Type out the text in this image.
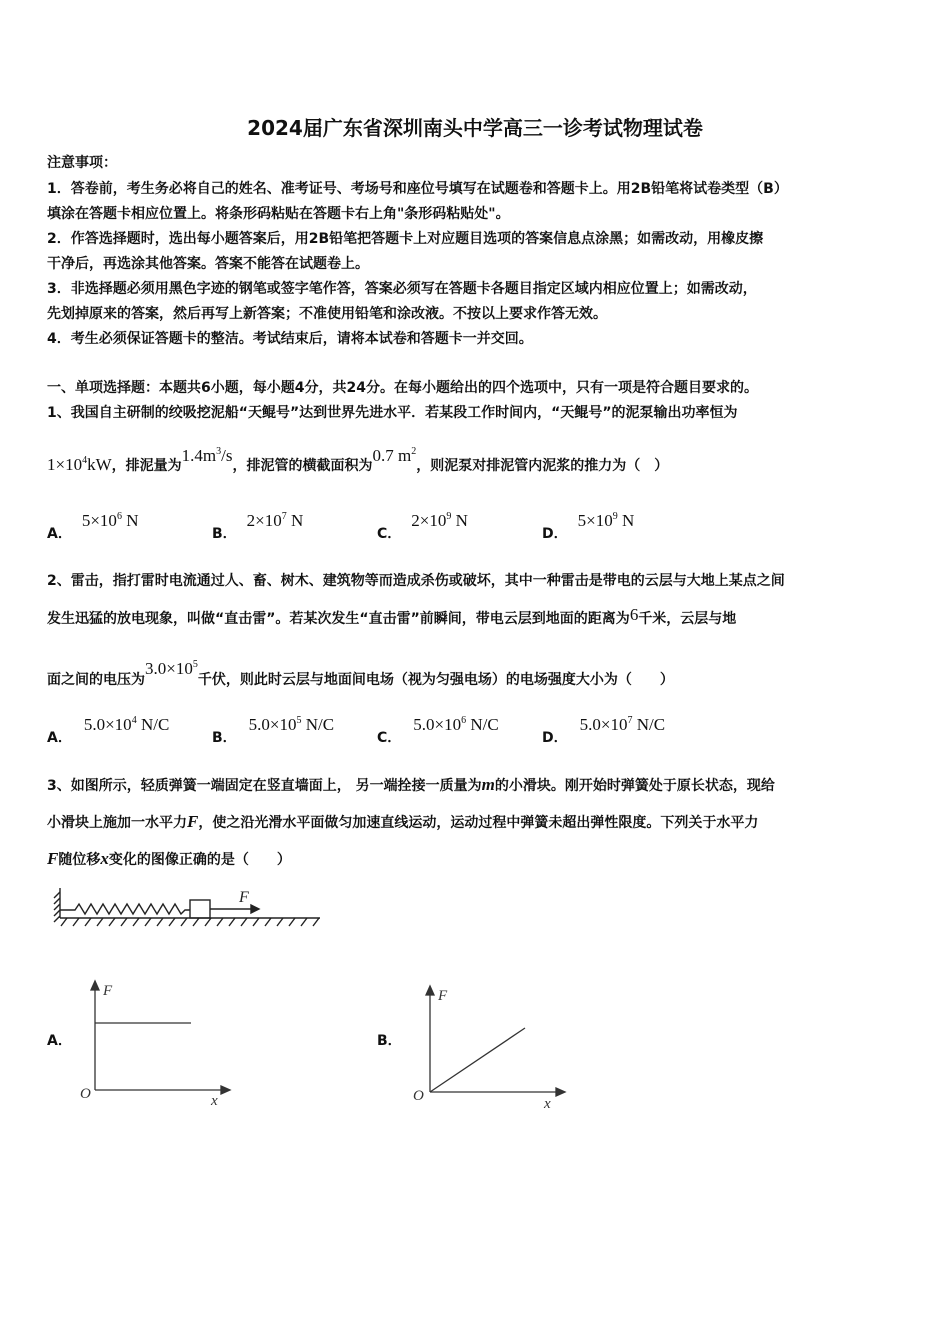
2024届广东省深圳南头中学高三一诊考试物理试卷
注意事项：
1．答卷前，考生务必将自己的姓名、准考证号、考场号和座位号填写在试题卷和答题卡上。用2B铅笔将试卷类型（B）
填涂在答题卡相应位置上。将条形码粘贴在答题卡右上角"条形码粘贴处"。
2．作答选择题时，选出每小题答案后，用2B铅笔把答题卡上对应题目选项的答案信息点涂黑；如需改动，用橡皮擦
干净后，再选涂其他答案。答案不能答在试题卷上。
3．非选择题必须用黑色字迹的钢笔或签字笔作答，答案必须写在答题卡各题目指定区域内相应位置上；如需改动，
先划掉原来的答案，然后再写上新答案；不准使用铅笔和涂改液。不按以上要求作答无效。
4．考生必须保证答题卡的整洁。考试结束后，请将本试卷和答题卡一并交回。
一、单项选择题：本题共6小题，每小题4分，共24分。在每小题给出的四个选项中，只有一项是符合题目要求的。
1、我国自主研制的绞吸挖泥船“天鲲号”达到世界先进水平．若某段工作时间内，“天鲲号”的泥泵输出功率恒为
$1\times 10^4kW$，排泥量为$1.4m^3/s$，排泥管的横截面积为0.7 $m^2$，则泥泵对排泥管内泥浆的推力为（　）
A．$5\times 10^6$ N
B．$2\times 10^7$ N
C．$2\times 10^9$ N
D．$5\times 10^9$ N
2、雷击，指打雷时电流通过人、畜、树木、建筑物等而造成杀伤或破坏，其中一种雷击是带电的云层与大地上某点之间
发生迅猛的放电现象，叫做“直击雷”。若某次发生“直击雷”前瞬间，带电云层到地面的距离为6千米，云层与地
面之间的电压为$3.0\times 10^5$千伏，则此时云层与地面间电场（视为匀强电场）的电场强度大小为（　　）
A．$5.0\times 10^4$ N/C
B．$5.0\times 10^5$ N/C
C．$5.0\times 10^6$ N/C
D．$5.0\times 10^7$ N/C
3、如图所示，轻质弹簧一端固定在竖直墙面上， 另一端拴接一质量为m的小滑块。刚开始时弹簧处于原长状态，现给
小滑块上施加一水平力F，使之沿光滑水平面做匀加速直线运动，运动过程中弹簧未超出弹性限度。下列关于水平力
F随位移x变化的图像正确的是（　　）
F
A．
F
O	x
B．
F
O	x
